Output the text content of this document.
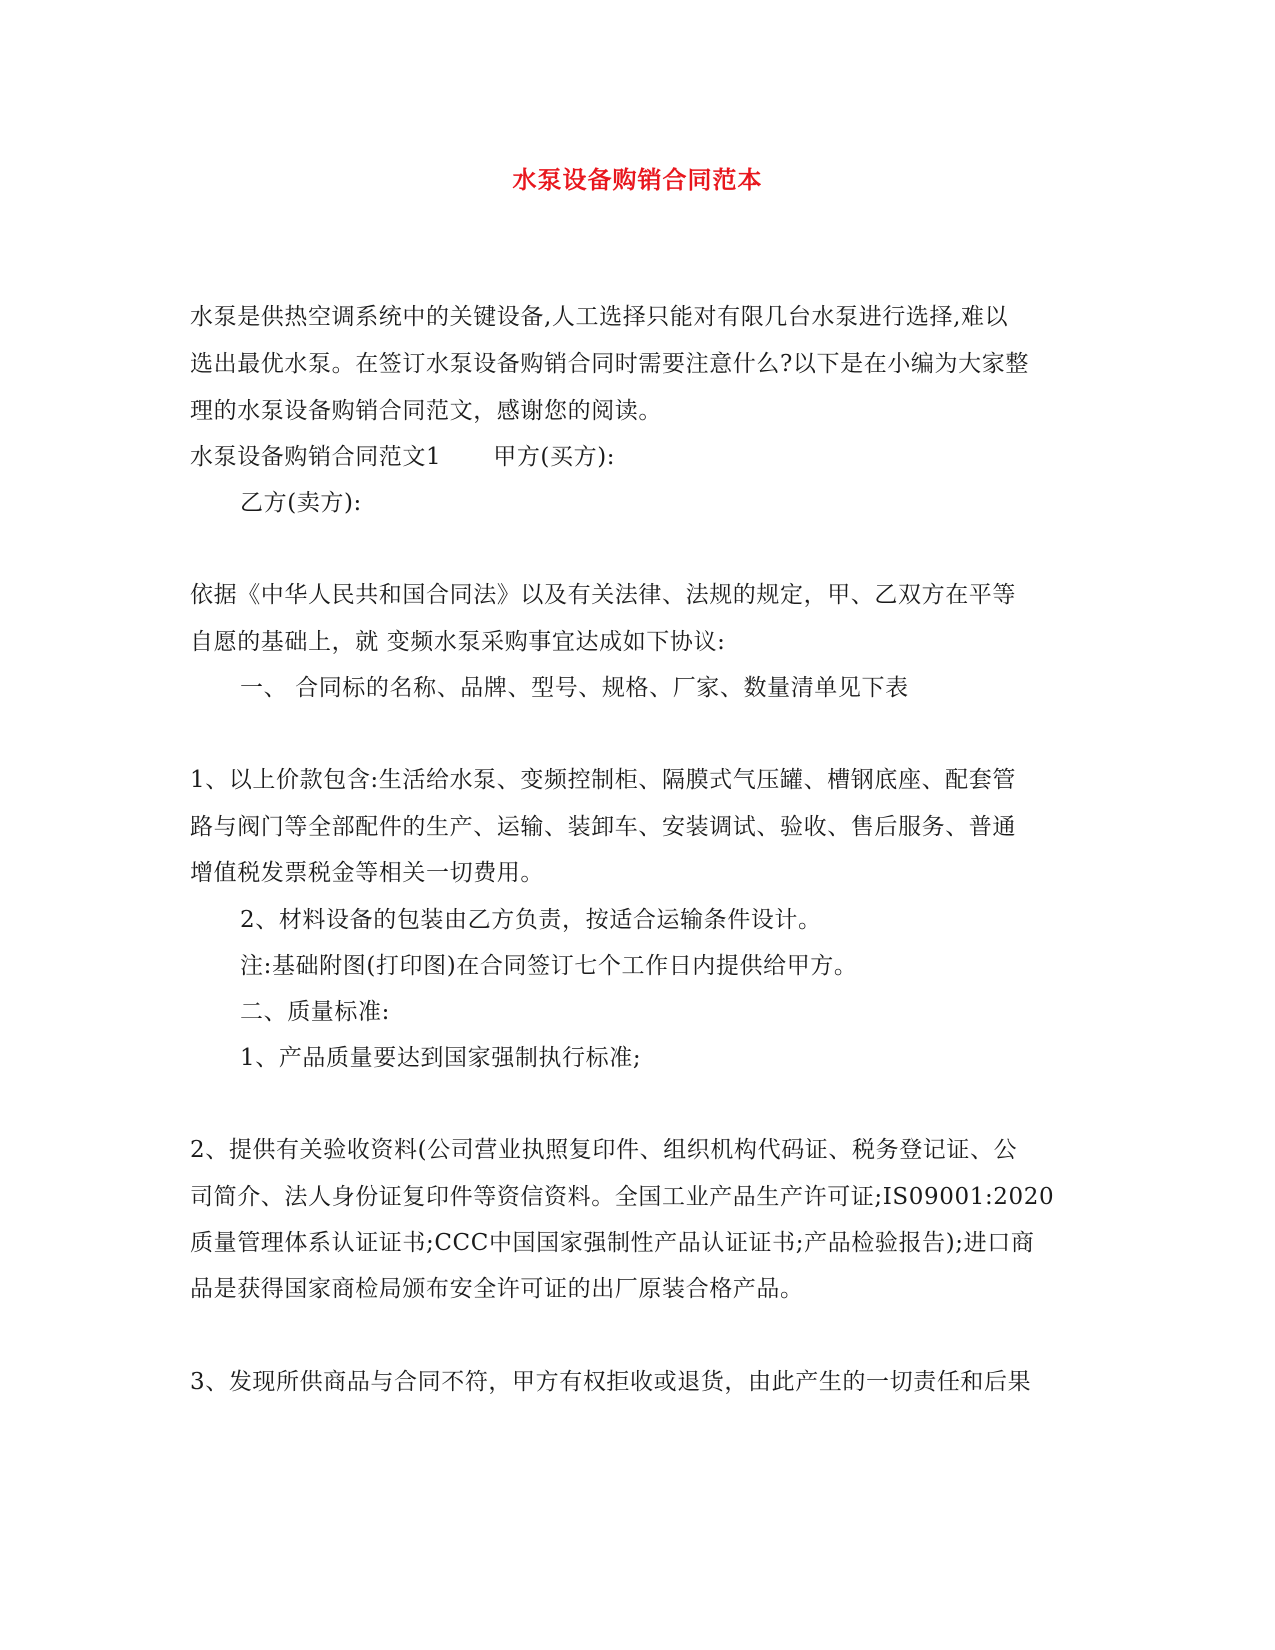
水泵设备购销合同范本
水泵是供热空调系统中的关键设备,人工选择只能对有限几台水泵进行选择,难以
选出最优水泵。在签订水泵设备购销合同时需要注意什么?以下是在小编为大家整
理的水泵设备购销合同范文，感谢您的阅读。
水泵设备购销合同范文1 甲方(买方):
乙方(卖方):
依据《中华人民共和国合同法》以及有关法律、法规的规定，甲、乙双方在平等
自愿的基础上，就 变频水泵采购事宜达成如下协议:
一、 合同标的名称、品牌、型号、规格、厂家、数量清单见下表
1、以上价款包含:生活给水泵、变频控制柜、隔膜式气压罐、槽钢底座、配套管
路与阀门等全部配件的生产、运输、装卸车、安装调试、验收、售后服务、普通
增值税发票税金等相关一切费用。
2、材料设备的包装由乙方负责，按适合运输条件设计。
注:基础附图(打印图)在合同签订七个工作日内提供给甲方。
二、质量标准:
1、产品质量要达到国家强制执行标准;
2、提供有关验收资料(公司营业执照复印件、组织机构代码证、税务登记证、公
司简介、法人身份证复印件等资信资料。全国工业产品生产许可证;IS09001:2020
质量管理体系认证证书;CCC中国国家强制性产品认证证书;产品检验报告);进口商
品是获得国家商检局颁布安全许可证的出厂原装合格产品。
3、发现所供商品与合同不符，甲方有权拒收或退货，由此产生的一切责任和后果
